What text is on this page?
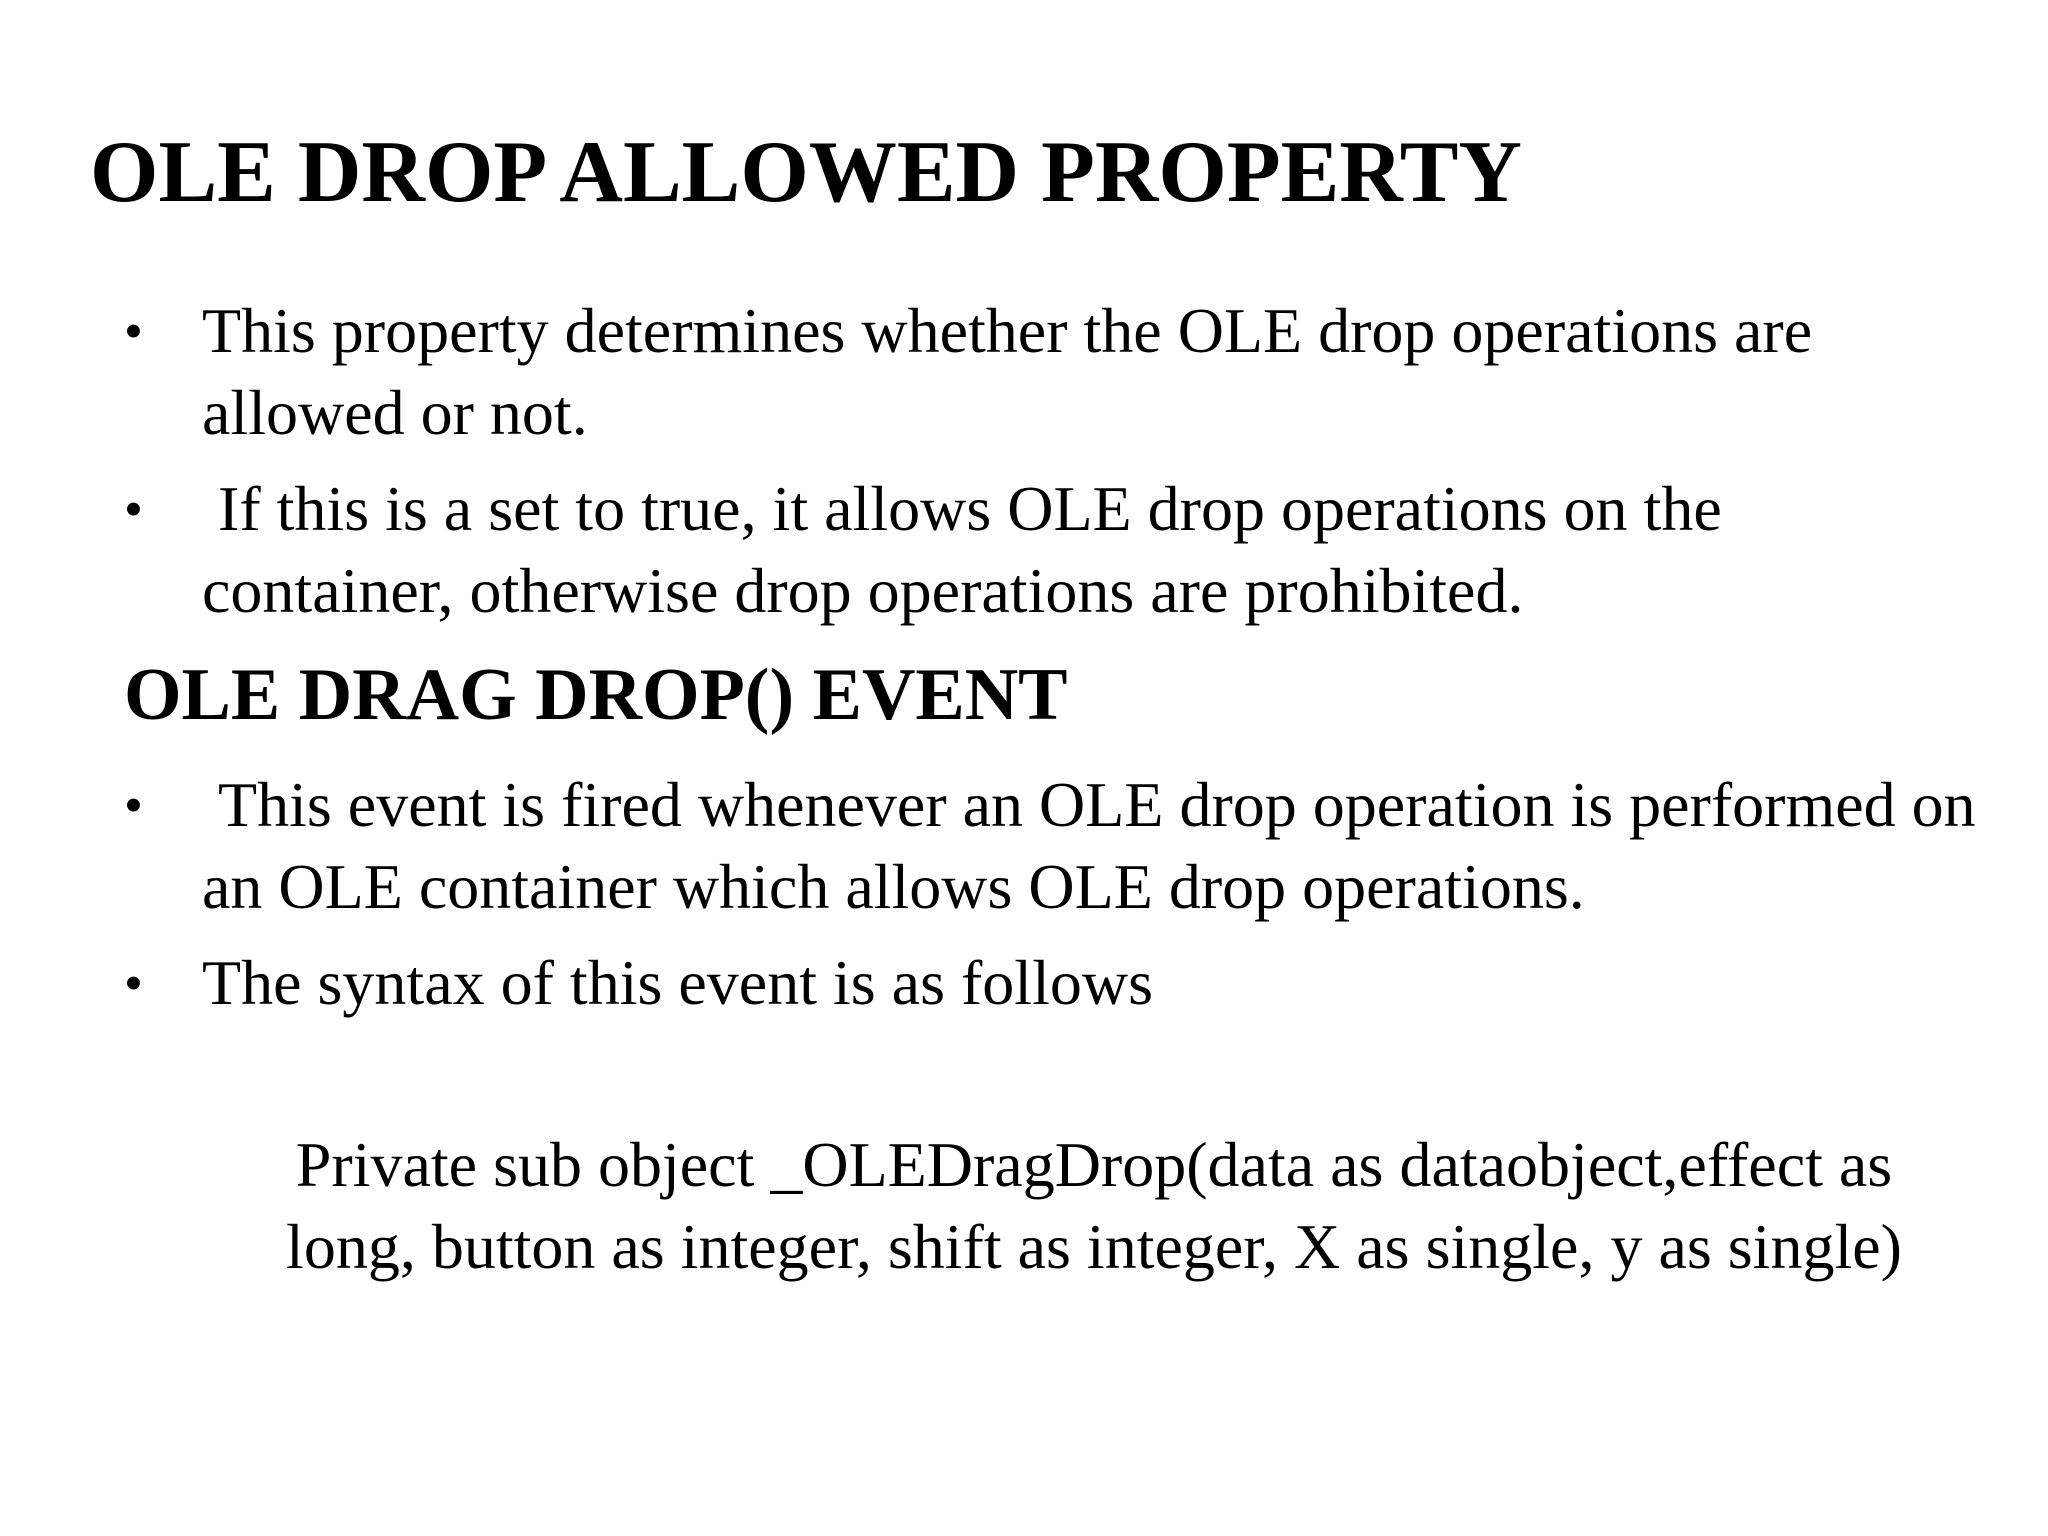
OLE DROP ALLOWED PROPERTY
• This property determines whether the OLE drop operations are allowed or not.
• If this is a set to true, it allows OLE drop operations on the container, otherwise drop operations are prohibited.
OLE DRAG DROP() EVENT
• This event is fired whenever an OLE drop operation is performed on an OLE container which allows OLE drop operations.
• The syntax of this event is as follows

Private sub object _OLEDragDrop(data as dataobject,effect as long, button as integer, shift as integer, X as single, y as single)
